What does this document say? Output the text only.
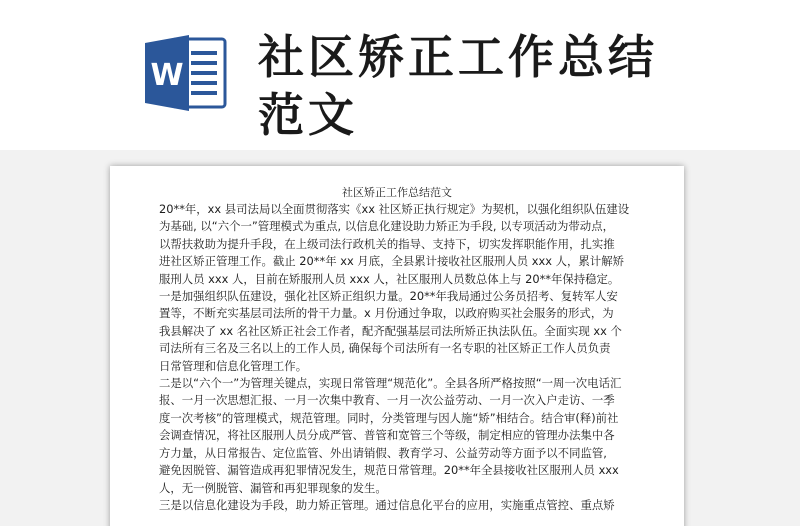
W 社区矫正工作总结范文
社区矫正工作总结范文
20**年，xx 县司法局以全面贯彻落实《xx 社区矫正执行规定》为契机，以强化组织队伍建设
为基础, 以“六个一”管理模式为重点, 以信息化建设助力矫正为手段, 以专项活动为带动点，
以帮扶救助为提升手段，在上级司法行政机关的指导、支持下，切实发挥职能作用，扎实推
进社区矫正管理工作。截止 20**年 xx 月底，全县累计接收社区服刑人员 xxx 人，累计解矫
服刑人员 xxx 人，目前在矫服刑人员 xxx 人，社区服刑人员数总体上与 20**年保持稳定。
一是加强组织队伍建设，强化社区矫正组织力量。20**年我局通过公务员招考、复转军人安
置等，不断充实基层司法所的骨干力量。x 月份通过争取，以政府购买社会服务的形式，为
我县解决了 xx 名社区矫正社会工作者，配齐配强基层司法所矫正执法队伍。全面实现 xx 个
司法所有三名及三名以上的工作人员, 确保每个司法所有一名专职的社区矫正工作人员负责
日常管理和信息化管理工作。
二是以“六个一”为管理关键点，实现日常管理“规范化”。全县各所严格按照“一周一次电话汇
报、一月一次思想汇报、一月一次集中教育、一月一次公益劳动、一月一次入户走访、一季
度一次考核”的管理模式，规范管理。同时，分类管理与因人施“矫”相结合。结合审(释)前社
会调查情况，将社区服刑人员分成严管、普管和宽管三个等级，制定相应的管理办法集中各
方力量，从日常报告、定位监管、外出请销假、教育学习、公益劳动等方面予以不同监管,
避免因脱管、漏管造成再犯罪情况发生，规范日常管理。20**年全县接收社区服刑人员 xxx
人，无一例脱管、漏管和再犯罪现象的发生。
三是以信息化建设为手段，助力矫正管理。通过信息化平台的应用，实施重点管控、重点矫
